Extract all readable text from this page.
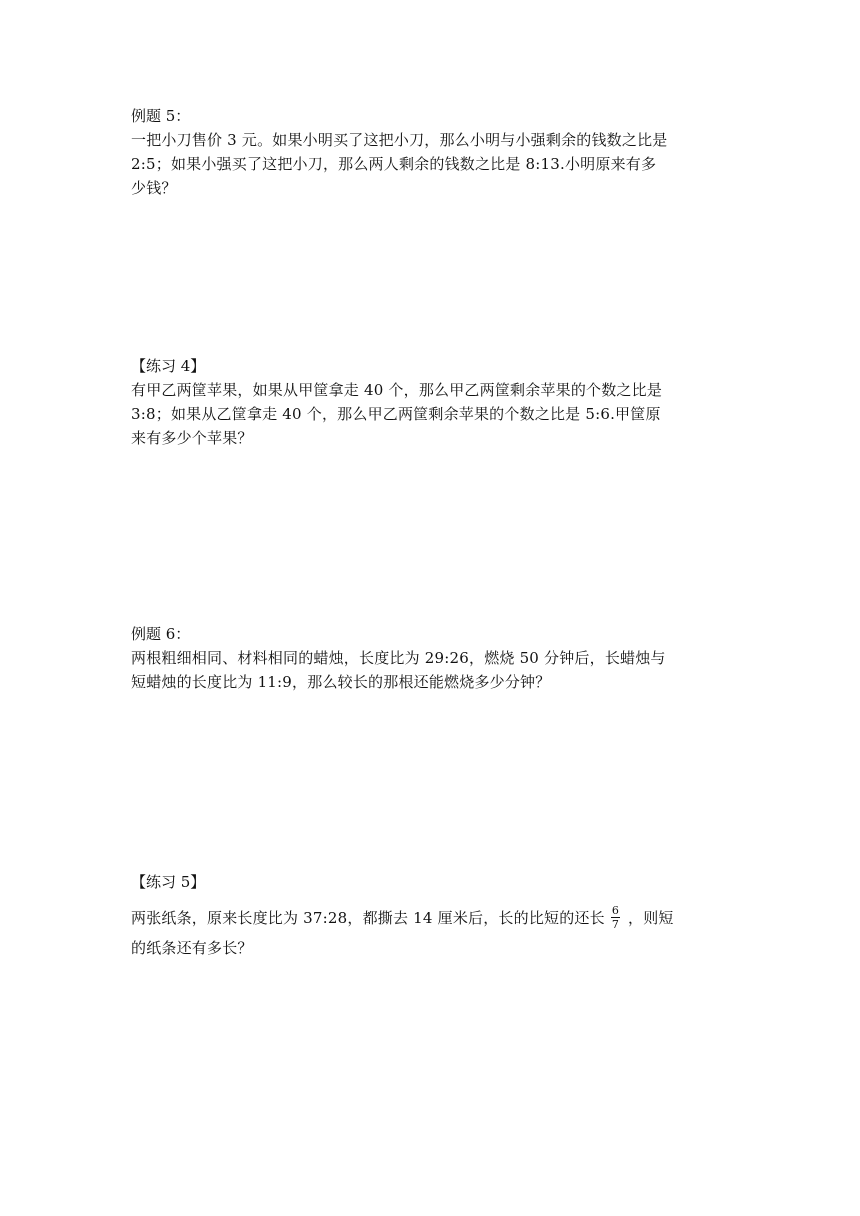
例题 5：
一把小刀售价 3 元。如果小明买了这把小刀，那么小明与小强剩余的钱数之比是
2:5；如果小强买了这把小刀，那么两人剩余的钱数之比是 8:13.小明原来有多
少钱？
【练习 4】
有甲乙两筐苹果，如果从甲筐拿走 40 个，那么甲乙两筐剩余苹果的个数之比是
3:8；如果从乙筐拿走 40 个，那么甲乙两筐剩余苹果的个数之比是 5:6.甲筐原
来有多少个苹果？
例题 6：
两根粗细相同、材料相同的蜡烛，长度比为 29:26，燃烧 50 分钟后，长蜡烛与
短蜡烛的长度比为 11:9，那么较长的那根还能燃烧多少分钟？
【练习 5】
两张纸条，原来长度比为 37:28，都撕去 14 厘米后，长的比短的还长 $\frac{6}{7}$ ，则短
的纸条还有多长？
